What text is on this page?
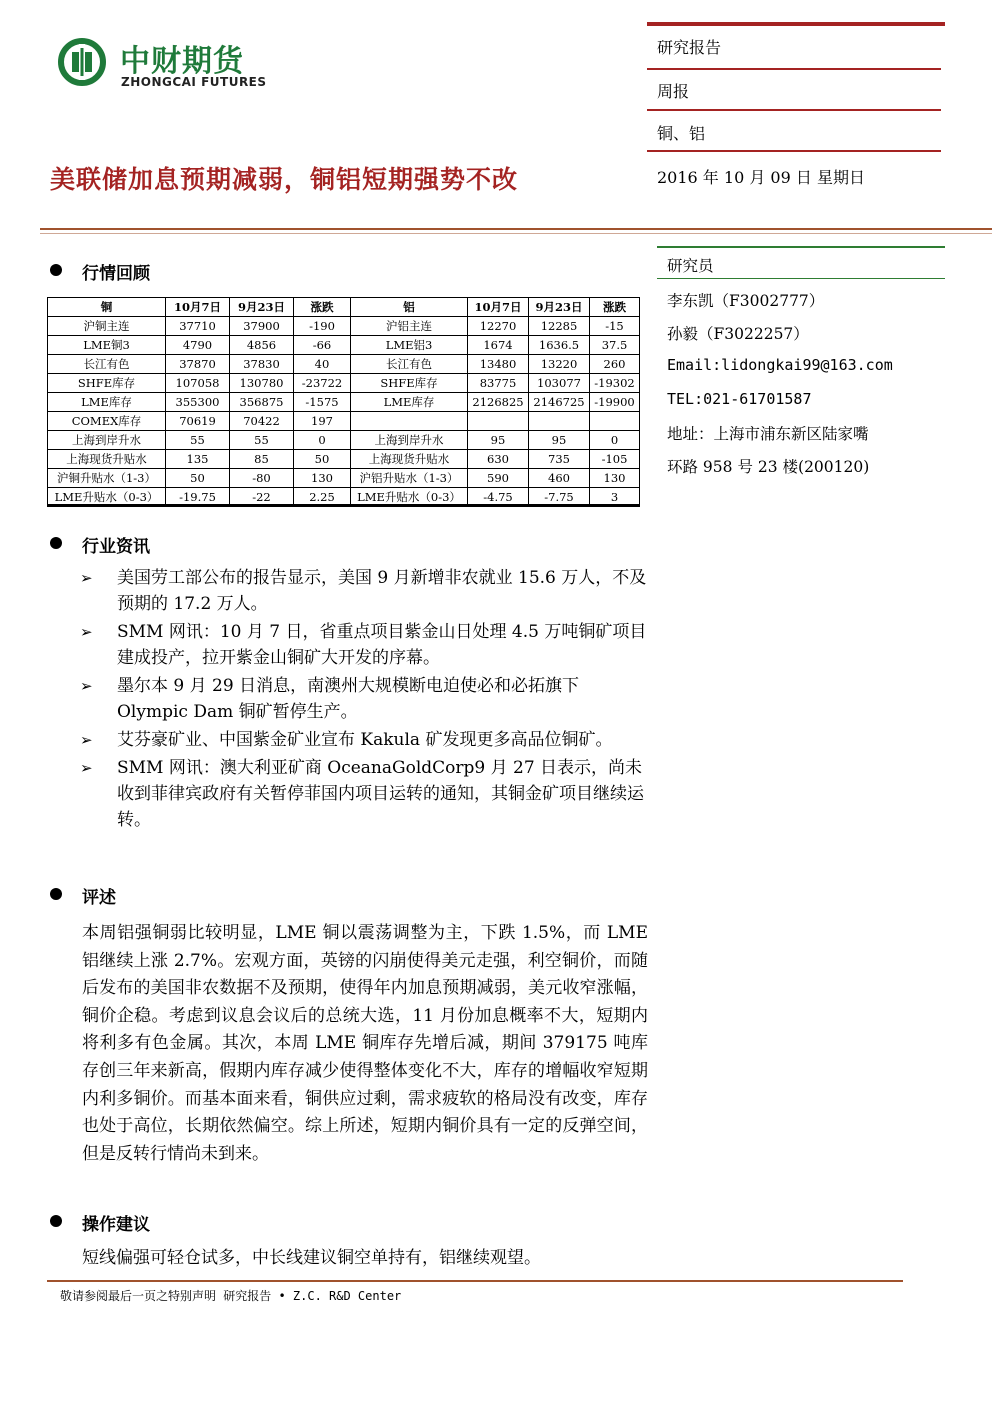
中财期货
ZHONGCAI FUTURES
研究报告
周报
铜、铝
2016 年 10 月 09 日 星期日
美联储加息预期减弱，铜铝短期强势不改
研究员
李东凯（F3002777）
孙毅（F3022257）
Email:lidongkai99@163.com
TEL:021-61701587
地址：上海市浦东新区陆家嘴
环路 958 号 23 楼(200120)
行情回顾
铜	10月7日	9月23日	涨跌	铝	10月7日	9月23日	涨跌
沪铜主连	37710	37900	-190	沪铝主连	12270	12285	-15
LME铜3	4790	4856	-66	LME铝3	1674	1636.5	37.5
长江有色	37870	37830	40	长江有色	13480	13220	260
SHFE库存	107058	130780	-23722	SHFE库存	83775	103077	-19302
LME库存	355300	356875	-1575	LME库存	2126825	2146725	-19900
COMEX库存	70619	70422	197				
上海到岸升水	55	55	0	上海到岸升水	95	95	0
上海现货升贴水	135	85	50	上海现货升贴水	630	735	-105
沪铜升贴水（1-3）	50	-80	130	沪铝升贴水（1-3）	590	460	130
LME升贴水（0-3）	-19.75	-22	2.25	LME升贴水（0-3）	-4.75	-7.75	3
行业资讯
➢ 美国劳工部公布的报告显示，美国 9 月新增非农就业 15.6 万人，不及预期的 17.2 万人。
➢ SMM 网讯：10 月 7 日，省重点项目紫金山日处理 4.5 万吨铜矿项目建成投产，拉开紫金山铜矿大开发的序幕。
➢ 墨尔本 9 月 29 日消息，南澳州大规模断电迫使必和必拓旗下 Olympic Dam 铜矿暂停生产。
➢ 艾芬豪矿业、中国紫金矿业宣布 Kakula 矿发现更多高品位铜矿。
➢ SMM 网讯：澳大利亚矿商 OceanaGoldCorp9 月 27 日表示，尚未收到菲律宾政府有关暂停菲国内项目运转的通知，其铜金矿项目继续运转。
评述
本周铝强铜弱比较明显，LME 铜以震荡调整为主，下跌 1.5%，而 LME 铝继续上涨 2.7%。宏观方面，英镑的闪崩使得美元走强，利空铜价，而随后发布的美国非农数据不及预期，使得年内加息预期减弱，美元收窄涨幅，铜价企稳。考虑到议息会议后的总统大选，11 月份加息概率不大，短期内将利多有色金属。其次，本周 LME 铜库存先增后减，期间 379175 吨库存创三年来新高，假期内库存减少使得整体变化不大，库存的增幅收窄短期内利多铜价。而基本面来看，铜供应过剩，需求疲软的格局没有改变，库存也处于高位，长期依然偏空。综上所述，短期内铜价具有一定的反弹空间，但是反转行情尚未到来。
操作建议
短线偏强可轻仓试多，中长线建议铜空单持有，铝继续观望。
敬请参阅最后一页之特别声明 研究报告 • Z.C. R&D Center
